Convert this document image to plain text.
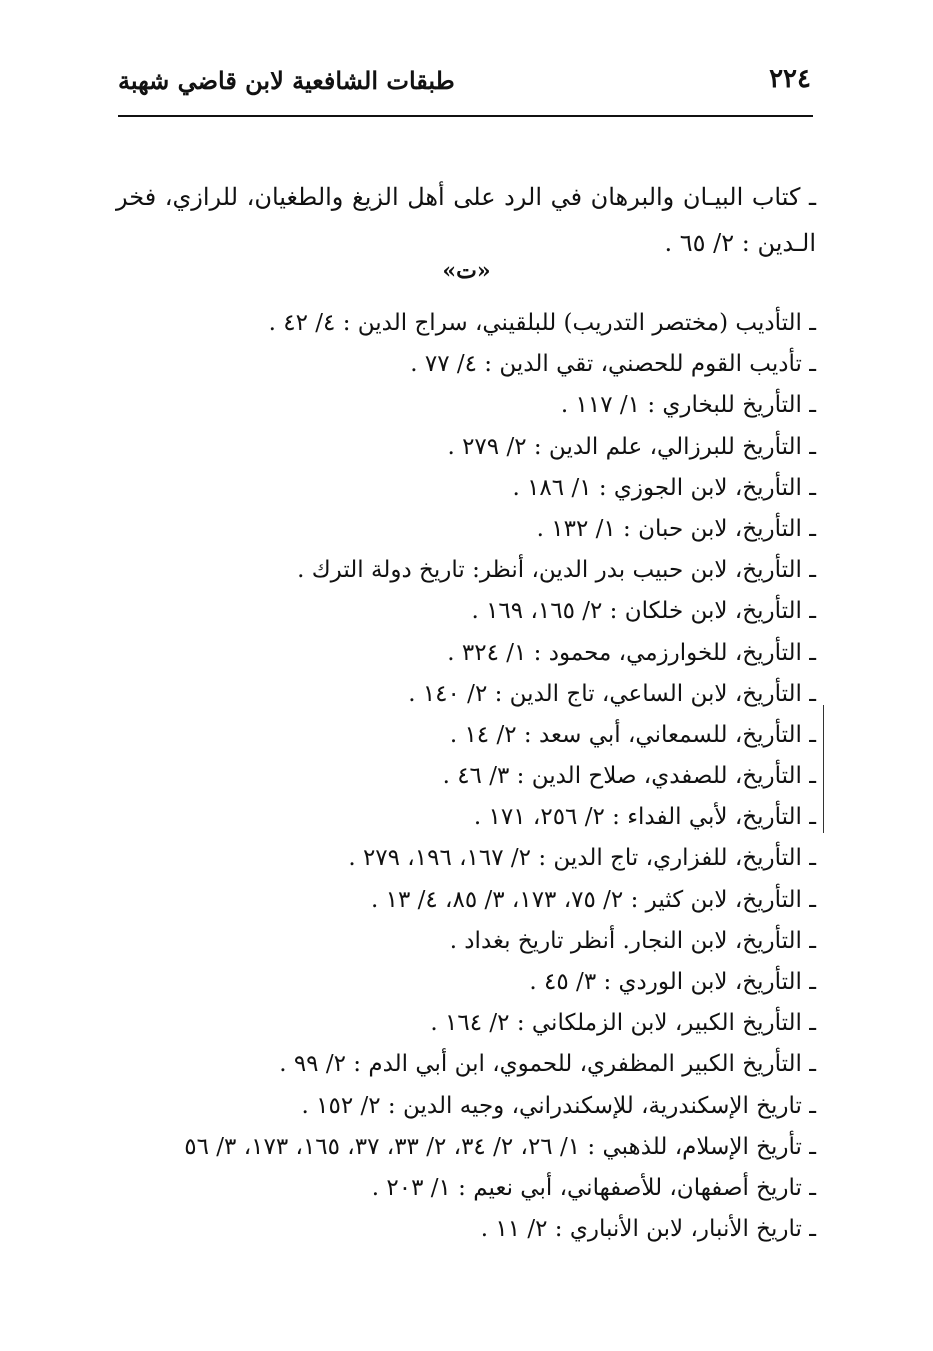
٢٢٤
طبقات الشافعية لابن قاضي شهبة

ـ كتاب البيـان والبرهان في الرد على أهل الزيغ والطغيان، للرازي، فخر الـدين : ٢/ ٦٥ .

«ت»
ـ التأديب (مختصر التدريب) للبلقيني، سراج الدين : ٤/ ٤٢ .
ـ تأديب القوم للحصني، تقي الدين : ٤/ ٧٧ .
ـ التأريخ للبخاري : ١/ ١١٧ .
ـ التأريخ للبرزالي، علم الدين : ٢/ ٢٧٩ .
ـ التأريخ، لابن الجوزي : ١/ ١٨٦ .
ـ التأريخ، لابن حبان : ١/ ١٣٢ .
ـ التأريخ، لابن حبيب بدر الدين، أنظر: تاريخ دولة الترك .
ـ التأريخ، لابن خلكان : ٢/ ١٦٥، ١٦٩ .
ـ التأريخ، للخوارزمي، محمود : ١/ ٣٢٤ .
ـ التأريخ، لابن الساعي، تاج الدين : ٢/ ١٤٠ .
ـ التأريخ، للسمعاني، أبي سعد : ٢/ ١٤ .
ـ التأريخ، للصفدي، صلاح الدين : ٣/ ٤٦ .
ـ التأريخ، لأبي الفداء : ٢/ ٢٥٦، ١٧١ .
ـ التأريخ، للفزاري، تاج الدين : ٢/ ١٦٧، ١٩٦، ٢٧٩ .
ـ التأريخ، لابن كثير : ٢/ ٧٥، ١٧٣، ٣/ ٨٥، ٤/ ١٣ .
ـ التأريخ، لابن النجار. أنظر تاريخ بغداد .
ـ التأريخ، لابن الوردي : ٣/ ٤٥ .
ـ التأريخ الكبير، لابن الزملكاني : ٢/ ١٦٤ .
ـ التأريخ الكبير المظفري، للحموي، ابن أبي الدم : ٢/ ٩٩ .
ـ تاريخ الإسكندرية، للإسكندراني، وجيه الدين : ٢/ ١٥٢ .
ـ تأريخ الإسلام، للذهبي : ١/ ٢٦، ٢/ ٣٤، ٢/ ٣٣، ٣٧، ١٦٥، ١٧٣، ٣/ ٥٦
ـ تاريخ أصفهان، للأصفهاني، أبي نعيم : ١/ ٢٠٣ .
ـ تاريخ الأنبار، لابن الأنباري : ٢/ ١١ .
